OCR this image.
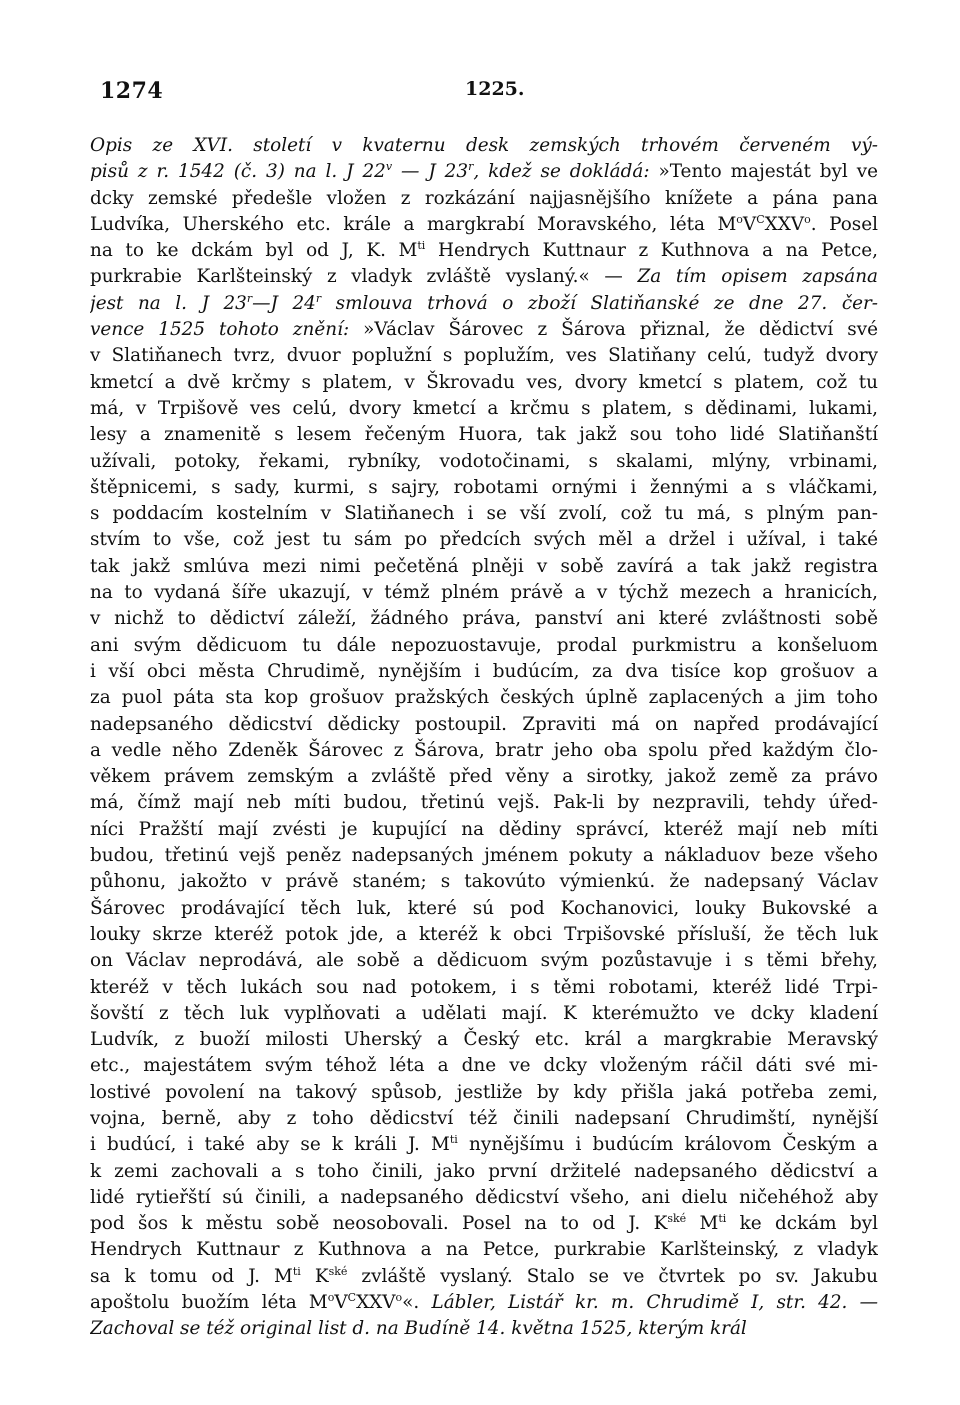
1274	1225.
Opis ze XVI. století v kvaternu desk zemských trhovém červeném vý-
pisů z r. 1542 (č. 3) na l. J 22$^v$ — J 23$^r$, kdež se dokládá: »Tento majestát byl ve
dcky zemské předešle vložen z rozkázání najjasnějšího knížete a pána pana
Ludvíka, Uherského etc. krále a margkrabí Moravského, léta $M^oV^CXXV^o$. Posel
na to ke dckám byl od J, K. $M^{ti}$ Hendrych Kuttnaur z Kuthnova a na Petce,
purkrabie Karlšteinský z vladyk zvláště vyslaný.« — Za tím opisem zapsána
jest na l. J 23$^r$—J 24$^r$ smlouva trhová o zboží Slatiňanské ze dne 27. čer-
vence 1525 tohoto znění: »Václav Šárovec z Šárova přiznal, že dědictví své
v Slatiňanech tvrz, dvuor poplužní s poplužím, ves Slatiňany celú, tudyž dvory
kmetcí a dvě krčmy s platem, v Škrovadu ves, dvory kmetcí s platem, což tu
má, v Trpišově ves celú, dvory kmetcí a krčmu s platem, s dědinami, lukami,
lesy a znamenitě s lesem řečeným Huora, tak jakž sou toho lidé Slatiňanští
užívali, potoky, řekami, rybníky, vodotočinami, s skalami, mlýny, vrbinami,
štěpnicemi, s sady, kurmi, s sajry, robotami ornými i žennými a s vláčkami,
s poddacím kostelním v Slatiňanech i se vší zvolí, což tu má, s plným pan-
stvím to vše, což jest tu sám po předcích svých měl a držel i užíval, i také
tak jakž smlúva mezi nimi pečetěná plněji v sobě zavírá a tak jakž registra
na to vydaná šíře ukazují, v témž plném právě a v týchž mezech a hranicích,
v nichž to dědictví záleží, žádného práva, panství ani které zvláštnosti sobě
ani svým dědicuom tu dále nepozuostavuje, prodal purkmistru a konšeluom
i vší obci města Chrudimě, nynějším i budúcím, za dva tisíce kop grošuov a
za puol páta sta kop grošuov pražských českých úplně zaplacených a jim toho
nadepsaného dědicství dědicky postoupil. Zpraviti má on napřed prodávající
a vedle něho Zdeněk Šárovec z Šárova, bratr jeho oba spolu před každým člo-
věkem právem zemským a zvláště před věny a sirotky, jakož země za právo
má, čímž mají neb míti budou, třetinú vejš. Pak-li by nezpravili, tehdy úřed-
níci Pražští mají zvésti je kupující na dědiny správcí, kteréž mají neb míti
budou, třetinú vejš peněz nadepsaných jménem pokuty a nákladuov beze všeho
půhonu, jakožto v právě staném; s takovúto výmienkú. že nadepsaný Václav
Šárovec prodávající těch luk, které sú pod Kochanovici, louky Bukovské a
louky skrze kteréž potok jde, a kteréž k obci Trpišovské přísluší, že těch luk
on Václav neprodává, ale sobě a dědicuom svým pozůstavuje i s těmi břehy,
kteréž v těch lukách sou nad potokem, i s těmi robotami, kteréž lidé Trpi-
šovští z těch luk vyplňovati a udělati mají. K kterémužto ve dcky kladení
Ludvík, z buoží milosti Uherský a Český etc. král a margkrabie Meravský
etc., majestátem svým téhož léta a dne ve dcky vloženým ráčil dáti své mi-
lostivé povolení na takový spůsob, jestliže by kdy přišla jaká potřeba zemi,
vojna, berně, aby z toho dědicství též činili nadepsaní Chrudimští, nynější
i budúcí, i také aby se k králi J. $M^{ti}$ nynějšímu i budúcím královom Českým a
k zemi zachovali a s toho činili, jako první držitelé nadepsaného dědicství a
lidé rytieřští sú činili, a nadepsaného dědicství všeho, ani dielu ničehéhož aby
pod šos k městu sobě neosobovali. Posel na to od J. $K^{ské}$ $M^{ti}$ ke dckám byl
Hendrych Kuttnaur z Kuthnova a na Petce, purkrabie Karlšteinský, z vladyk
sa k tomu od J. $M^{ti}$ $K^{ské}$ zvláště vyslaný. Stalo se ve čtvrtek po sv. Jakubu
apoštolu buožím léta $M^oV^CXXV^o«$. Lábler, Listář kr. m. Chrudimě I, str. 42. —
Zachoval se též original list d. na Budíně 14. května 1525, kterým král
